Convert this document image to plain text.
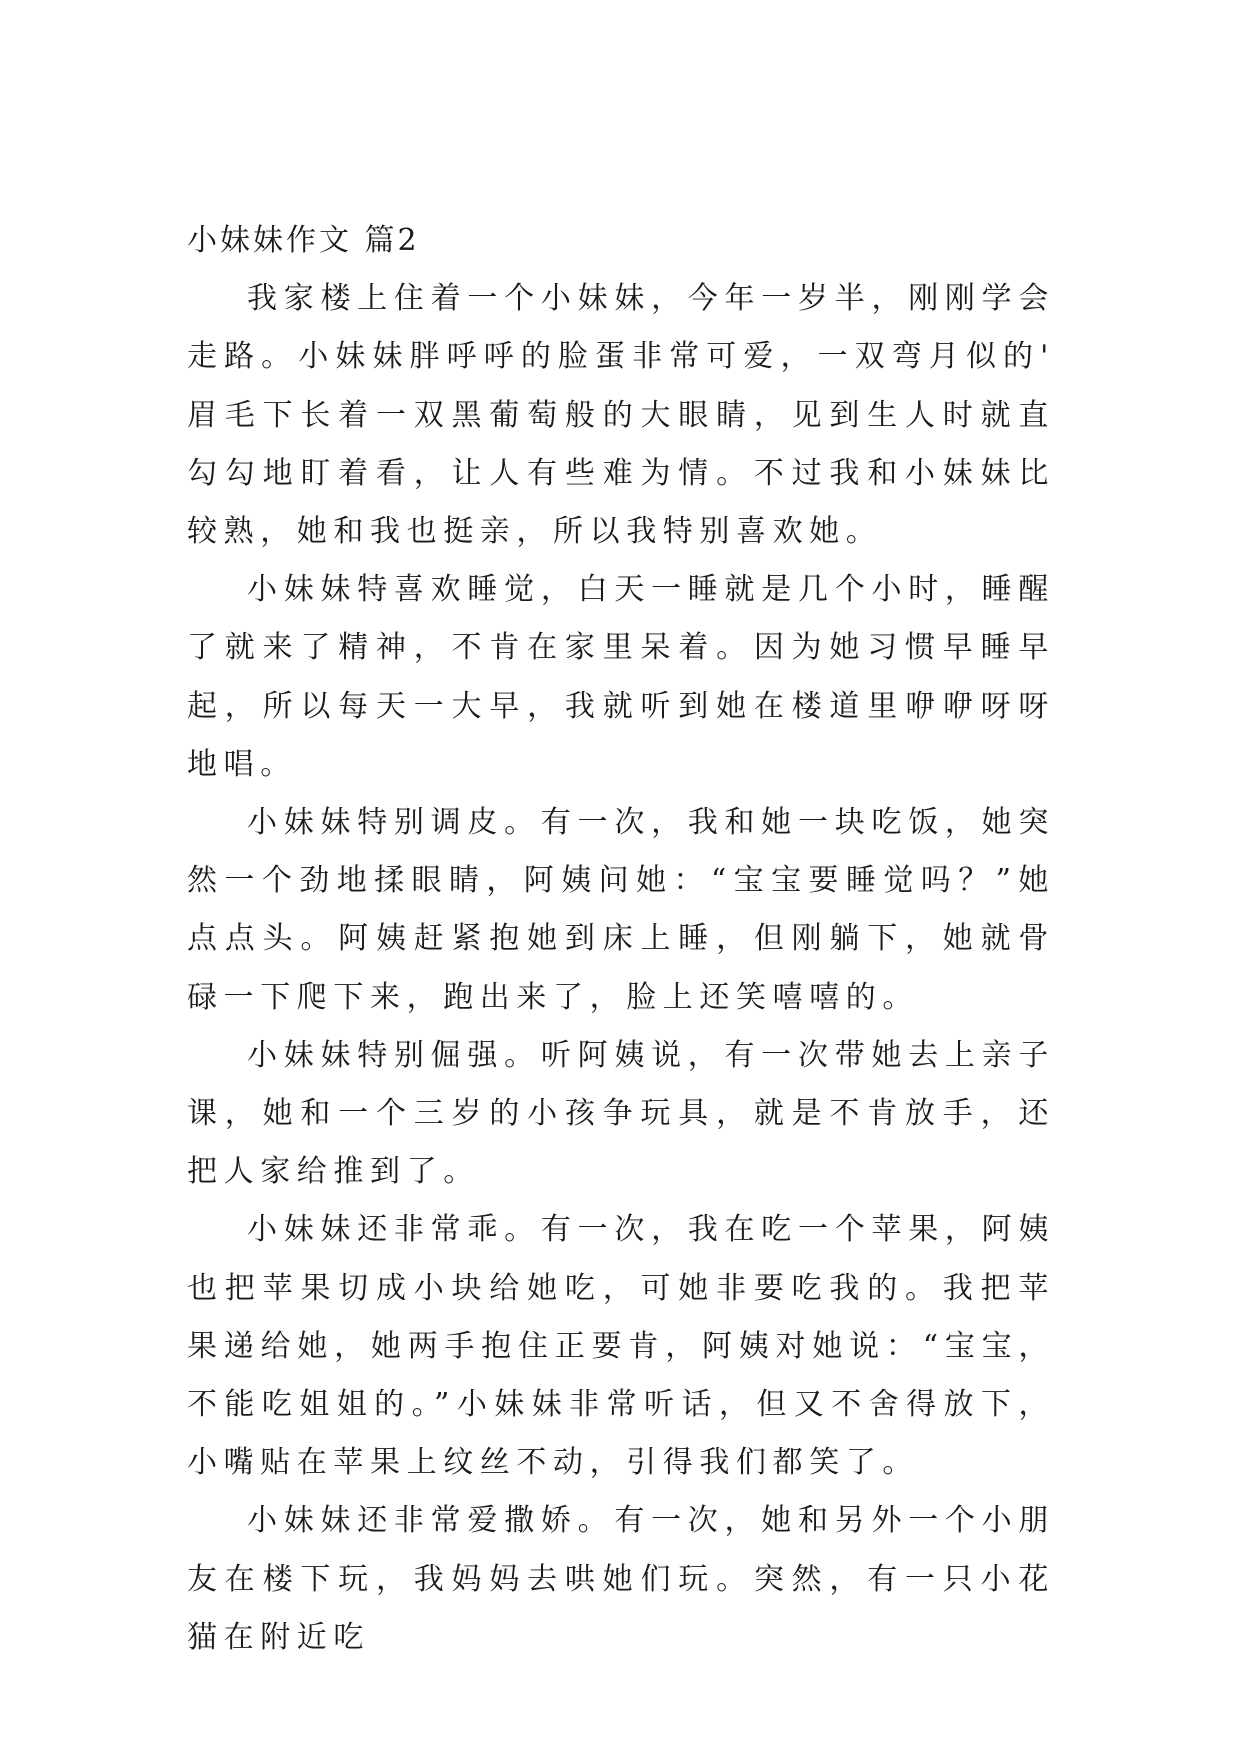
小妹妹作文 篇2

我家楼上住着一个小妹妹，今年一岁半，刚刚学会走路。小妹妹胖呼呼的脸蛋非常可爱，一双弯月似的'眉毛下长着一双黑葡萄般的大眼睛，见到生人时就直勾勾地盯着看，让人有些难为情。不过我和小妹妹比较熟，她和我也挺亲，所以我特别喜欢她。

小妹妹特喜欢睡觉，白天一睡就是几个小时，睡醒了就来了精神，不肯在家里呆着。因为她习惯早睡早起，所以每天一大早，我就听到她在楼道里咿咿呀呀地唱。

小妹妹特别调皮。有一次，我和她一块吃饭，她突然一个劲地揉眼睛，阿姨问她：“宝宝要睡觉吗？”她点点头。阿姨赶紧抱她到床上睡，但刚躺下，她就骨碌一下爬下来，跑出来了，脸上还笑嘻嘻的。

小妹妹特别倔强。听阿姨说，有一次带她去上亲子课，她和一个三岁的小孩争玩具，就是不肯放手，还把人家给推到了。

小妹妹还非常乖。有一次，我在吃一个苹果，阿姨也把苹果切成小块给她吃，可她非要吃我的。我把苹果递给她，她两手抱住正要肯，阿姨对她说：“宝宝，不能吃姐姐的。”小妹妹非常听话，但又不舍得放下，小嘴贴在苹果上纹丝不动，引得我们都笑了。

小妹妹还非常爱撒娇。有一次，她和另外一个小朋友在楼下玩，我妈妈去哄她们玩。突然，有一只小花猫在附近吃
